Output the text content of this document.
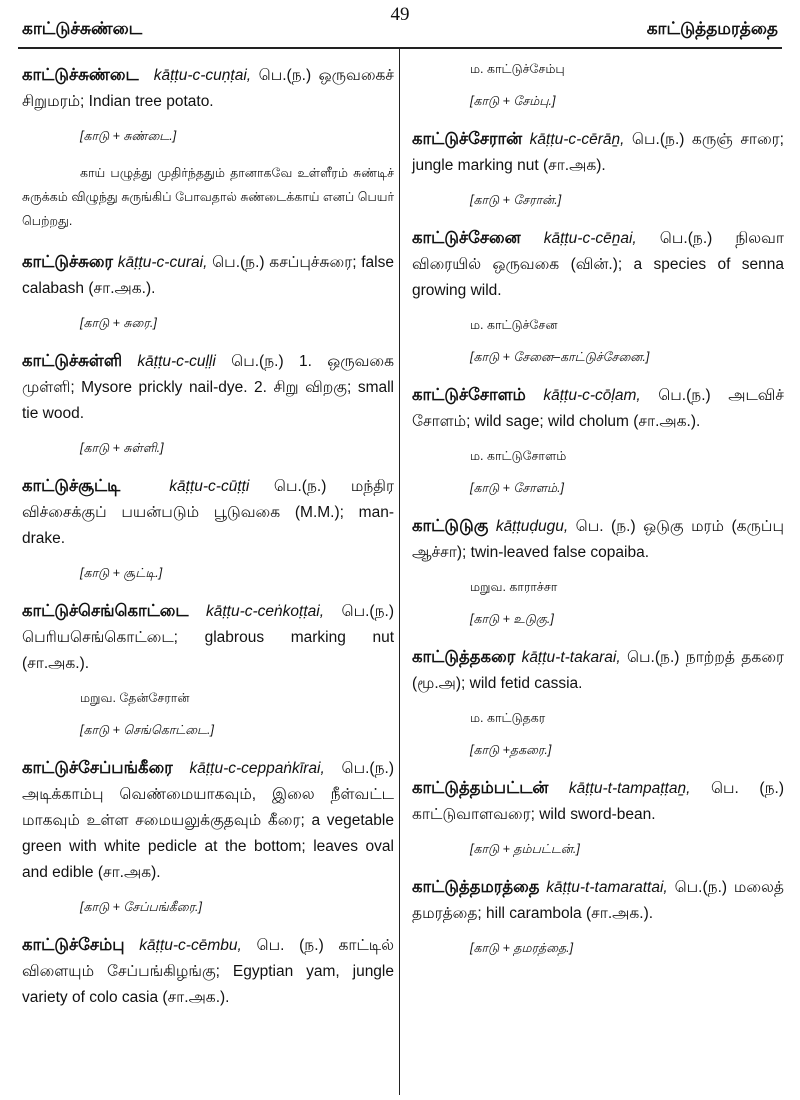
காட்டுச்சுண்டை	காட்டுத்தமரத்தை
49

காட்டுச்சுண்டை kāṭṭu-c-cuṇṭai, பெ.(ந.) ஒருவகைச் சிறுமரம்; Indian tree potato.

[காடு + சுண்டை.]

காய் பழுத்து முதிர்ந்ததும் தானாகவே உள்ளீரம் சுண்டிச் சுருக்கம் விழுந்து சுருங்கிப் போவதால் சுண்டைக்காய் எனப் பெயர் பெற்றது.

காட்டுச்சுரை kāṭṭu-c-curai, பெ.(ந.) கசப்புச்சுரை; false calabash (சா.அக.).

[காடு + சுரை.]

காட்டுச்சுள்ளி kāṭṭu-c-cuḷḷi பெ.(ந.) 1. ஒருவகை முள்ளி; Mysore prickly nail-dye. 2. சிறு விறகு; small tie wood.

[காடு + சுள்ளி.]

காட்டுச்சூட்டி	kāṭṭu-c-cūṭṭi பெ.(ந.) மந்திர விச்சைக்குப் பயன்படும் பூடுவகை (M.M.); man-drake.

[காடு + சூட்டி.]

காட்டுச்செங்கொட்டை kāṭṭu-c-ceṅkoṭṭai, பெ.(ந.) பெரியசெங்கொட்டை; glabrous marking nut (சா.அக.).

மறுவ. தேன்சேரான்

[காடு + செங்கொட்டை.]

காட்டுச்சேப்பங்கீரை kāṭṭu-c-ceppaṅkīrai, பெ.(ந.) அடிக்காம்பு வெண்மையாகவும், இலை நீள்வட்ட மாகவும் உள்ள சமையலுக்குதவும் கீரை; a vegetable green with white pedicle at the bottom; leaves oval and edible (சா.அக).

[காடு + சேப்பங்கீரை.]

காட்டுச்சேம்பு kāṭṭu-c-cēmbu, பெ. (ந.) காட்டில் விளையும் சேப்பங்கிழங்கு; Egyptian yam, jungle variety of colo casia (சா.அக.).

ம. காட்டுச்சேம்பு

[காடு + சேம்பு.]

காட்டுச்சேரான் kāṭṭu-c-cērāṉ, பெ.(ந.) கருஞ் சாரை; jungle marking nut (சா.அக).

[காடு + சேரான்.]

காட்டுச்சேனை kāṭṭu-c-cēṉai, பெ.(ந.) நிலவா விரையில் ஒருவகை (வின்.); a species of senna growing wild.

ம. காட்டுச்சேன

[காடு + சேனை–காட்டுச்சேனை.]

காட்டுச்சோளம் kāṭṭu-c-cōḷam, பெ.(ந.) அடவிச் சோளம்; wild sage; wild cholum (சா.அக.).

ம. காட்டுசோளம்

[காடு + சோளம்.]

காட்டுடுகு kāṭṭuḍugu, பெ. (ந.) ஒடுகு மரம் (கருப்பு ஆச்சா); twin-leaved false copaiba.

மறுவ. காராச்சா

[காடு + உடுகு.]

காட்டுத்தகரை kāṭṭu-t-takarai, பெ.(ந.) நாற்றத் தகரை (மூ.அ); wild fetid cassia.

ம. காட்டுதகர

[காடு +தகரை.]

காட்டுத்தம்பட்டன் kāṭṭu-t-tampaṭṭaṉ, பெ. (ந.) காட்டுவாளவரை; wild sword-bean.

[காடு + தம்பட்டன்.]

காட்டுத்தமரத்தை kāṭṭu-t-tamarattai, பெ.(ந.) மலைத் தமரத்தை; hill carambola (சா.அக.).

[காடு + தமரத்தை.]
